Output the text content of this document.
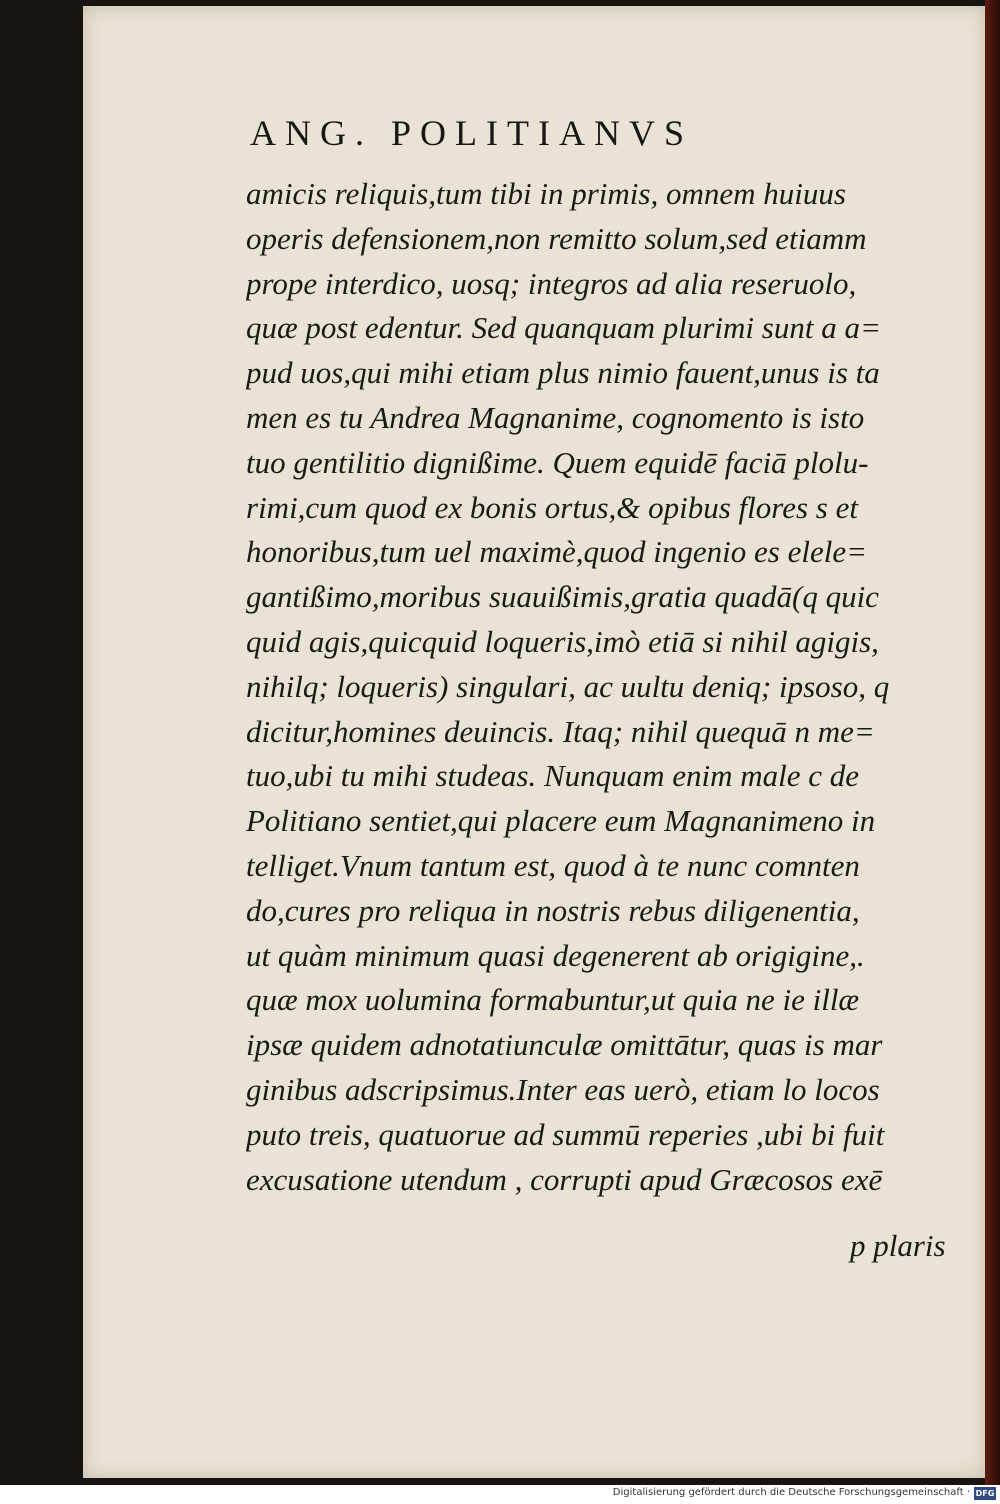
ANG. POLITIANVS
amicis reliquis,tum tibi in primis, omnem huiuus
operis defensionem,non remitto solum,sed etiamm
prope interdico, uosq; integros ad alia reseruolo,
quæ post edentur. Sed quanquam plurimi sunt a a=
pud uos,qui mihi etiam plus nimio fauent,unus is ta
men es tu Andrea Magnanime, cognomento is isto
tuo gentilitio dignißime. Quem equidē faciā plolu-
rimi,cum quod ex bonis ortus,& opibus flores s et
honoribus,tum uel maximè,quod ingenio es elele=
gantißimo,moribus suauißimis,gratia quadā(q quic
quid agis,quicquid loqueris,imò etiā si nihil agigis,
nihilq; loqueris) singulari, ac uultu deniq; ipsoso, q
dicitur,homines deuincis. Itaq; nihil quequā n me=
tuo,ubi tu mihi studeas. Nunquam enim male c de
Politiano sentiet,qui placere eum Magnanimeno in
telliget.Vnum tantum est, quod à te nunc comnten
do,cures pro reliqua in nostris rebus diligenentia,
ut quàm minimum quasi degenerent ab origigine,.
quæ mox uolumina formabuntur,ut quia ne ie illæ
ipsæ quidem adnotatiunculæ omittātur, quas is mar
ginibus adscripsimus.Inter eas uerò, etiam lo locos
puto treis, quatuorue ad summū reperies ,ubi bi fuit
excusatione utendum , corrupti apud Græcosos exē
p plaris
Digitalisierung gefördert durch die Deutsche Forschungsgemeinschaft · DFG
